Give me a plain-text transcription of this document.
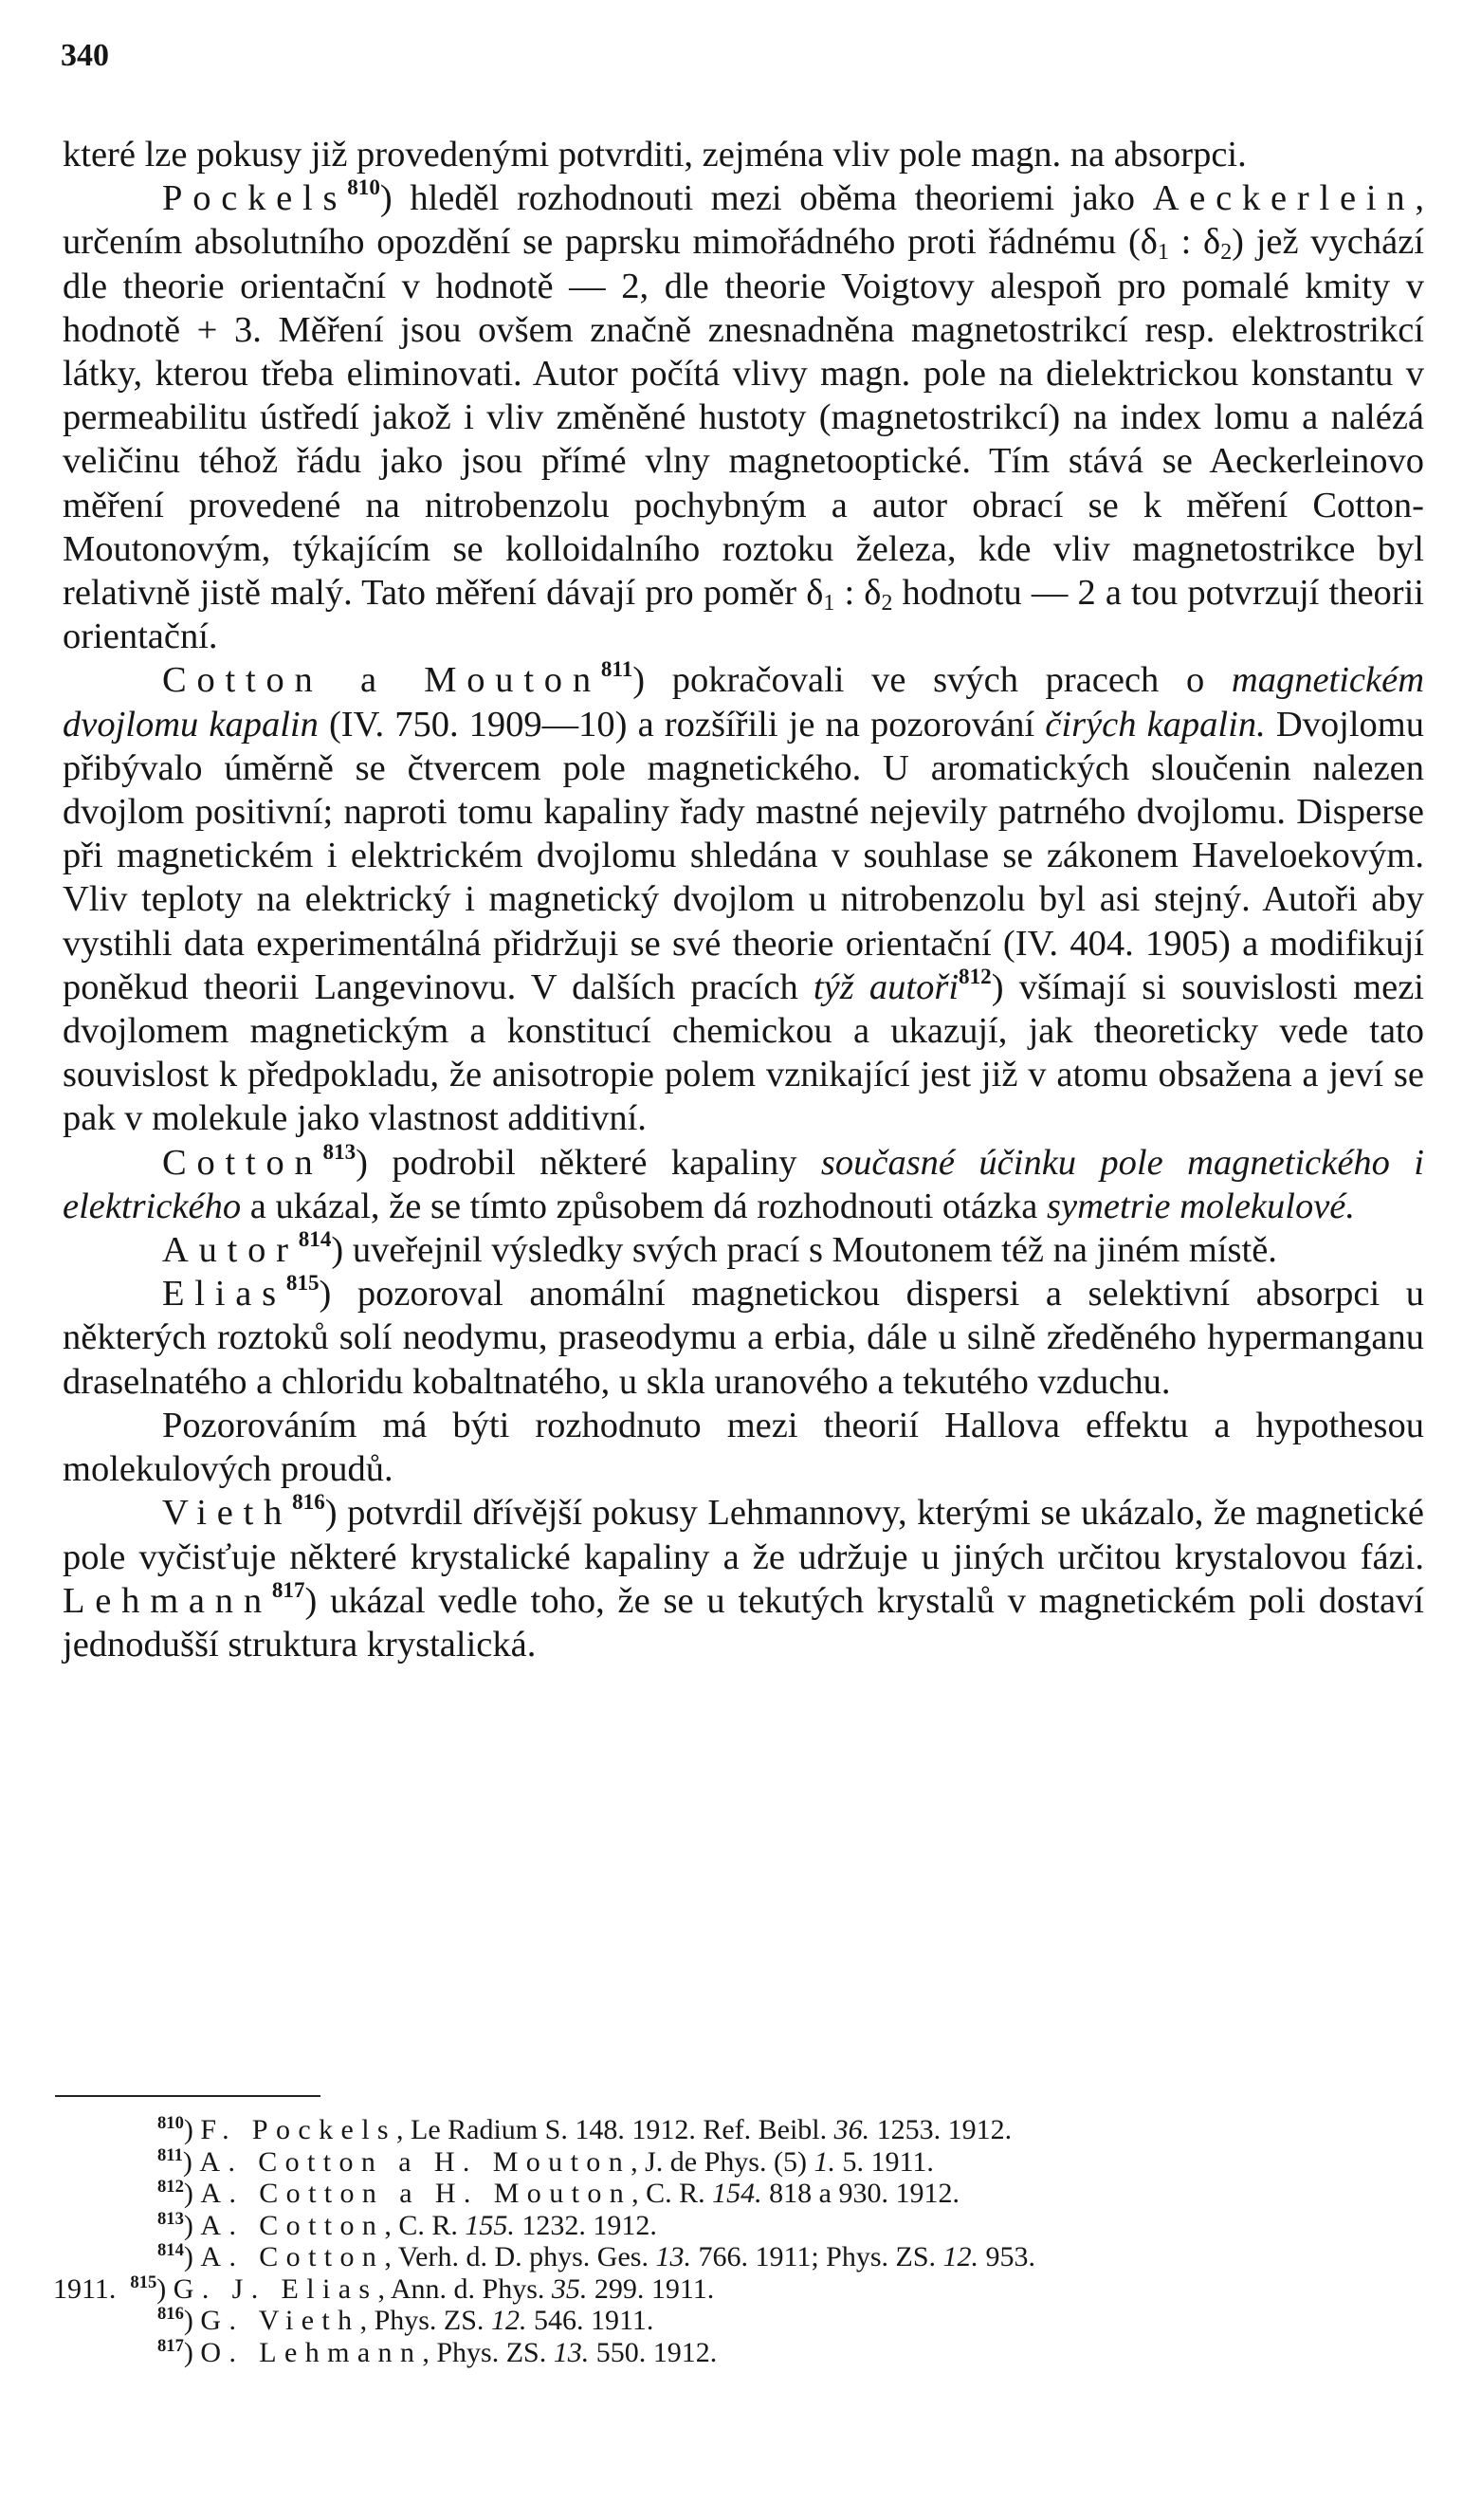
340

které lze pokusy již provedenými potvrditi, zejména vliv pole magn. na absorpci.

Pockels$^{810}$) hleděl rozhodnouti mezi oběma theoriemi jako Aeckerlein, určením absolutního opozdění se paprsku mimořádného proti řádnému ($\delta_1$ : $\delta_2$) jež vychází dle theorie orientační v hodnotě — 2, dle theorie Voigtovy alespoň pro pomalé kmity v hodnotě + 3. Měření jsou ovšem značně znesnadněna magnetostrikcí resp. elektrostrikcí látky, kterou třeba eliminovati. Autor počítá vlivy magn. pole na dielektrickou konstantu v permeabilitu ústředí jakož i vliv změněné hustoty (magnetostrikcí) na index lomu a nalézá veličinu téhož řádu jako jsou přímé vlny magnetooptické. Tím stává se Aeckerleinovo měření provedené na nitrobenzolu pochybným a autor obrací se k měření Cotton-Moutonovým, týkajícím se kolloidalního roztoku železa, kde vliv magnetostrikce byl relativně jistě malý. Tato měření dávají pro poměr $\delta_1$ : $\delta_2$ hodnotu — 2 a tou potvrzují theorii orientační.

Cotton a Mouton$^{811}$) pokračovali ve svých pracech o magnetickém dvojlomu kapalin (IV. 750. 1909—10) a rozšířili je na pozorování čirých kapalin. Dvojlomu přibývalo úměrně se čtvercem pole magnetického. U aromatických sloučenin nalezen dvojlom positivní; naproti tomu kapaliny řady mastné nejevily patrného dvojlomu. Disperse při magnetickém i elektrickém dvojlomu shledána v souhlase se zákonem Haveloekovým. Vliv teploty na elektrický i magnetický dvojlom u nitrobenzolu byl asi stejný. Autoři aby vystihli data experimentálná přidržuji se své theorie orientační (IV. 404. 1905) a modifikují poněkud theorii Langevinovu. V dalších pracích týž autoři$^{812}$) všímají si souvislosti mezi dvojlomem magnetickým a konstitucí chemickou a ukazují, jak theoreticky vede tato souvislost k předpokladu, že anisotropie polem vznikající jest již v atomu obsažena a jeví se pak v molekule jako vlastnost additivní.

Cotton$^{813}$) podrobil některé kapaliny současné účinku pole magnetického i elektrického a ukázal, že se tímto způsobem dá rozhodnouti otázka symetrie molekulové.

Autor$^{814}$) uveřejnil výsledky svých prací s Moutonem též na jiném místě.

Elias$^{815}$) pozoroval anomální magnetickou dispersi a selektivní absorpci u některých roztoků solí neodymu, praseodymu a erbia, dále u silně zředěného hypermanganu draselnatého a chloridu kobaltnatého, u skla uranového a tekutého vzduchu.

Pozorováním má býti rozhodnuto mezi theorií Hallova effektu a hypothesou molekulových proudů.

Vieth$^{816}$) potvrdil dřívější pokusy Lehmannovy, kterými se ukázalo, že magnetické pole vyčisťuje některé krystalické kapaliny a že udržuje u jiných určitou krystalovou fázi. Lehmann$^{817}$) ukázal vedle toho, že se u tekutých krystalů v magnetickém poli dostaví jednodušší struktura krystalická.

$^{810}$) F. Pockels, Le Radium S. 148. 1912. Ref. Beibl. 36. 1253. 1912.
$^{811}$) A. Cotton a H. Mouton, J. de Phys. (5) 1. 5. 1911.
$^{812}$) A. Cotton a H. Mouton, C. R. 154. 818 a 930. 1912.
$^{813}$) A. Cotton, C. R. 155. 1232. 1912.
$^{814}$) A. Cotton, Verh. d. D. phys. Ges. 13. 766. 1911; Phys. ZS. 12. 953.
1911. $^{815}$) G. J. Elias, Ann. d. Phys. 35. 299. 1911.
$^{816}$) G. Vieth, Phys. ZS. 12. 546. 1911.
$^{817}$) O. Lehmann, Phys. ZS. 13. 550. 1912.
